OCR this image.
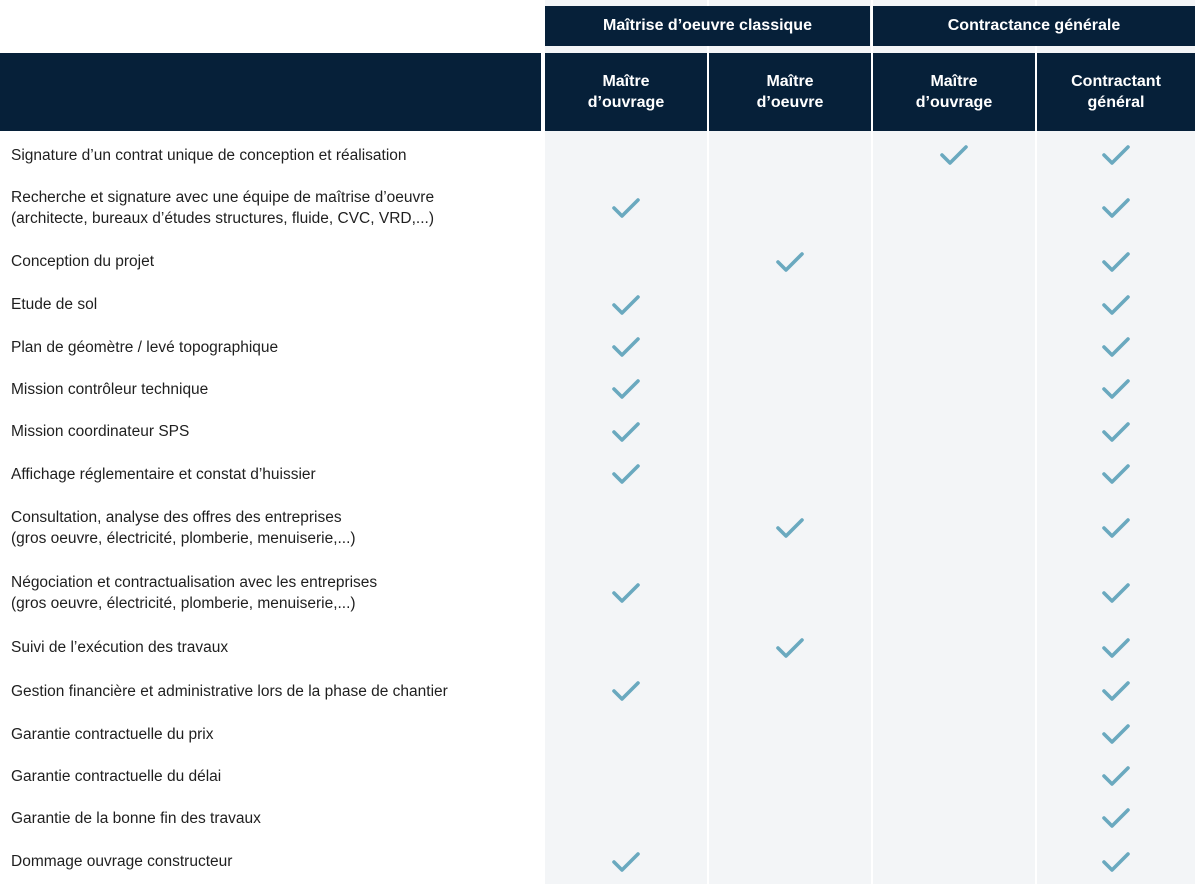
Maîtrise d’oeuvre classique	Contractance générale
Maître
d’ouvrage
Maître
d’oeuvre
Maître
d’ouvrage
Contractant
général
Signature d’un contrat unique de conception et réalisation
Recherche et signature avec une équipe de maîtrise d’oeuvre
(architecte, bureaux d’études structures, fluide, CVC, VRD,...)
Conception du projet
Etude de sol
Plan de géomètre / levé topographique
Mission contrôleur technique
Mission coordinateur SPS
Affichage réglementaire et constat d’huissier
Consultation, analyse des offres des entreprises
(gros oeuvre, électricité, plomberie, menuiserie,...)
Négociation et contractualisation avec les entreprises
(gros oeuvre, électricité, plomberie, menuiserie,...)
Suivi de l’exécution des travaux
Gestion financière et administrative lors de la phase de chantier
Garantie contractuelle du prix
Garantie contractuelle du délai
Garantie de la bonne fin des travaux
Dommage ouvrage constructeur
